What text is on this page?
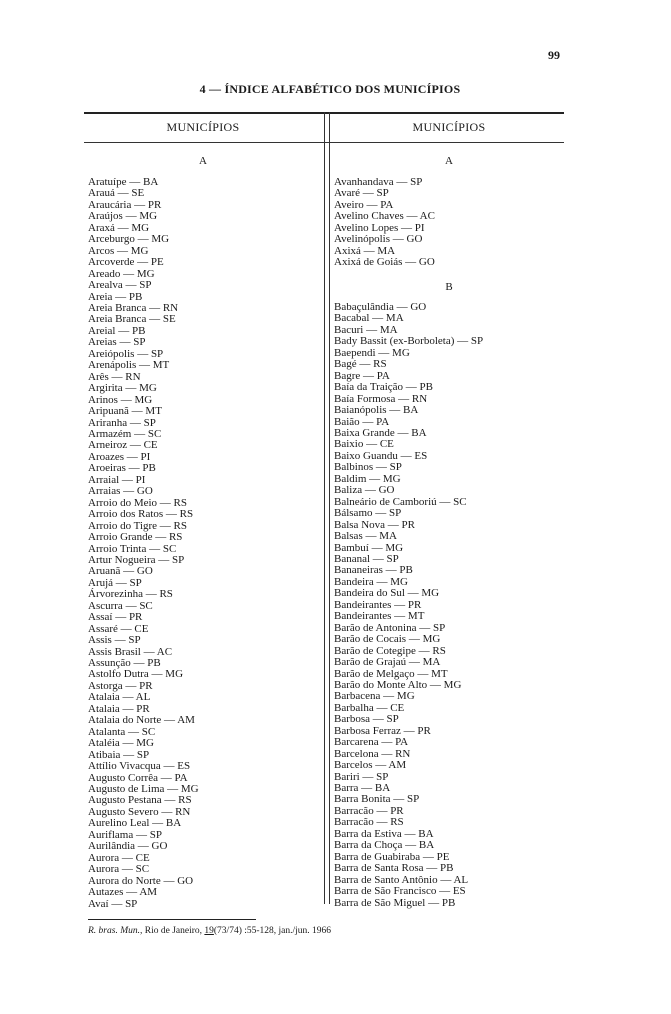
99
4 — ÍNDICE ALFABÉTICO DOS MUNICÍPIOS
MUNICÍPIOS	MUNICÍPIOS
A
Aratuípe — BA
Arauá — SE
Araucária — PR
Araújos — MG
Araxá — MG
Arceburgo — MG
Arcos — MG
Arcoverde — PE
Areado — MG
Arealva — SP
Areia — PB
Areia Branca — RN
Areia Branca — SE
Areial — PB
Areias — SP
Areiópolis — SP
Arenápolis — MT
Arês — RN
Argirita — MG
Arinos — MG
Aripuanã — MT
Ariranha — SP
Armazém — SC
Arneiroz — CE
Aroazes — PI
Aroeiras — PB
Arraial — PI
Arraias — GO
Arroio do Meio — RS
Arroio dos Ratos — RS
Arroio do Tigre — RS
Arroio Grande — RS
Arroio Trinta — SC
Artur Nogueira — SP
Aruanã — GO
Arujá — SP
Árvorezinha — RS
Ascurra — SC
Assaí — PR
Assaré — CE
Assis — SP
Assis Brasil — AC
Assunção — PB
Astolfo Dutra — MG
Astorga — PR
Atalaia — AL
Atalaia — PR
Atalaia do Norte — AM
Atalanta — SC
Ataléia — MG
Atibaia — SP
Attílio Vivacqua — ES
Augusto Corrêa — PA
Augusto de Lima — MG
Augusto Pestana — RS
Augusto Severo — RN
Aurelino Leal — BA
Auriflama — SP
Aurilândia — GO
Aurora — CE
Aurora — SC
Aurora do Norte — GO
Autazes — AM
Avaí — SP
A
Avanhandava — SP
Avaré — SP
Aveiro — PA
Avelino Chaves — AC
Avelino Lopes — PI
Avelinópolis — GO
Axixá — MA
Axixá de Goiás — GO
B
Babaçulândia — GO
Bacabal — MA
Bacuri — MA
Bady Bassit (ex-Borboleta) — SP
Baependi — MG
Bagé — RS
Bagre — PA
Baía da Traição — PB
Baía Formosa — RN
Baianópolis — BA
Baião — PA
Baixa Grande — BA
Baixio — CE
Baixo Guandu — ES
Balbinos — SP
Baldim — MG
Baliza — GO
Balneário de Camboriú — SC
Bálsamo — SP
Balsa Nova — PR
Balsas — MA
Bambuí — MG
Bananal — SP
Bananeiras — PB
Bandeira — MG
Bandeira do Sul — MG
Bandeirantes — PR
Bandeirantes — MT
Barão de Antonina — SP
Barão de Cocais — MG
Barão de Cotegipe — RS
Barão de Grajaú — MA
Barão de Melgaço — MT
Barão do Monte Alto — MG
Barbacena — MG
Barbalha — CE
Barbosa — SP
Barbosa Ferraz — PR
Barcarena — PA
Barcelona — RN
Barcelos — AM
Bariri — SP
Barra — BA
Barra Bonita — SP
Barracão — PR
Barracão — RS
Barra da Estiva — BA
Barra da Choça — BA
Barra de Guabiraba — PE
Barra de Santa Rosa — PB
Barra de Santo Antônio — AL
Barra de São Francisco — ES
Barra de São Miguel — PB
R. bras. Mun., Rio de Janeiro, 19(73/74) :55-128, jan./jun. 1966
